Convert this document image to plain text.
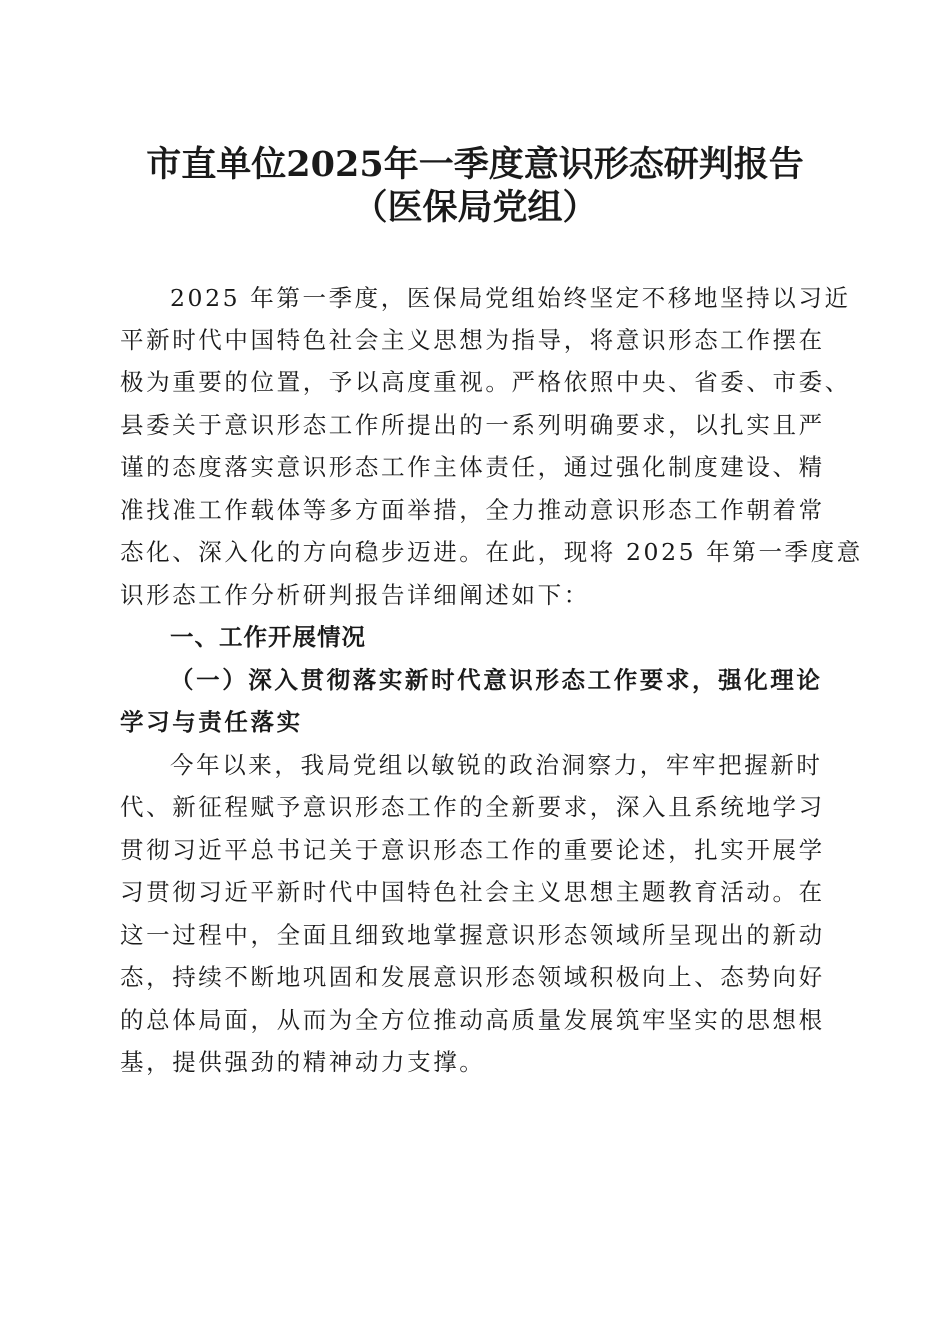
市直单位2025年一季度意识形态研判报告
（医保局党组）
2025 年第一季度，医保局党组始终坚定不移地坚持以习近
平新时代中国特色社会主义思想为指导，将意识形态工作摆在
极为重要的位置，予以高度重视。严格依照中央、省委、市委、
县委关于意识形态工作所提出的一系列明确要求，以扎实且严
谨的态度落实意识形态工作主体责任，通过强化制度建设、精
准找准工作载体等多方面举措，全力推动意识形态工作朝着常
态化、深入化的方向稳步迈进。在此，现将 2025 年第一季度意
识形态工作分析研判报告详细阐述如下：
一、工作开展情况
（一）深入贯彻落实新时代意识形态工作要求，强化理论
学习与责任落实
今年以来，我局党组以敏锐的政治洞察力，牢牢把握新时
代、新征程赋予意识形态工作的全新要求，深入且系统地学习
贯彻习近平总书记关于意识形态工作的重要论述，扎实开展学
习贯彻习近平新时代中国特色社会主义思想主题教育活动。在
这一过程中，全面且细致地掌握意识形态领域所呈现出的新动
态，持续不断地巩固和发展意识形态领域积极向上、态势向好
的总体局面，从而为全方位推动高质量发展筑牢坚实的思想根
基，提供强劲的精神动力支撑。
